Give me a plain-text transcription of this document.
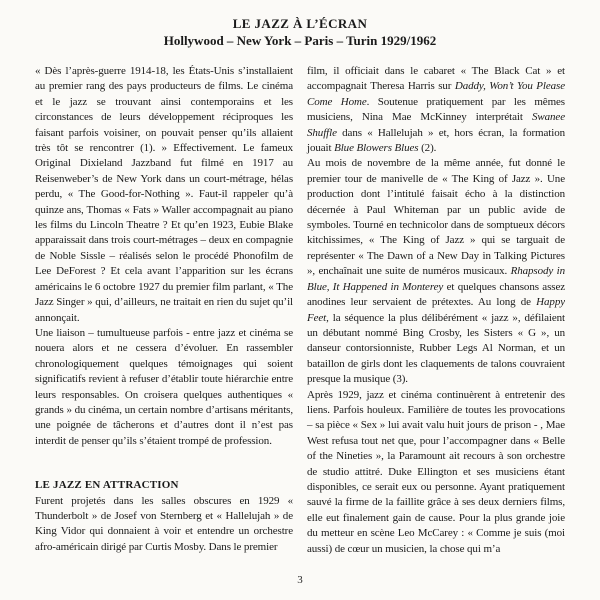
LE JAZZ À L’ÉCRAN
Hollywood – New York – Paris – Turin 1929/1962

« Dès l’après-guerre 1914-18, les États-Unis s’installaient au premier rang des pays producteurs de films. Le cinéma et le jazz se trouvant ainsi contemporains et les circonstances de leurs développement réciproques les faisant parfois voisiner, on pouvait penser qu’ils allaient très tôt se rencontrer (1). » Effectivement. Le fameux Original Dixieland Jazzband fut filmé en 1917 au Reisenweber’s de New York dans un court-métrage, hélas perdu, « The Good-for-Nothing ». Faut-il rappeler qu’à quinze ans, Thomas « Fats » Waller accompagnait au piano les films du Lincoln Theatre ? Et qu’en 1923, Eubie Blake apparaissait dans trois court-métrages – deux en compagnie de Noble Sissle – réalisés selon le procédé Phonofilm de Lee DeForest ? Et cela avant l’apparition sur les écrans américains le 6 octobre 1927 du premier film parlant, « The Jazz Singer » qui, d’ailleurs, ne traitait en rien du sujet qu’il annonçait.

Une liaison – tumultueuse parfois - entre jazz et cinéma se nouera alors et ne cessera d’évoluer. En rassembler chronologiquement quelques témoignages qui soient significatifs revient à refuser d’établir toute hiérarchie entre leurs responsables. On croisera quelques authentiques « grands » du cinéma, un certain nombre d’artisans méritants, une poignée de tâcherons et d’autres dont il n’est pas interdit de penser qu’ils s’étaient trompé de profession.

LE JAZZ EN ATTRACTION

Furent projetés dans les salles obscures en 1929 « Thunderbolt » de Josef von Sternberg et « Hallelujah » de King Vidor qui donnaient à voir et entendre un orchestre afro-américain dirigé par Curtis Mosby. Dans le premier

film, il officiait dans le cabaret « The Black Cat » et accompagnait Theresa Harris sur Daddy, Won’t You Please Come Home. Soutenue pratiquement par les mêmes musiciens, Nina Mae McKinney interprétait Swanee Shuffle dans « Hallelujah » et, hors écran, la formation jouait Blue Blowers Blues (2).

Au mois de novembre de la même année, fut donné le premier tour de manivelle de « The King of Jazz ». Une production dont l’intitulé faisait écho à la distinction décernée à Paul Whiteman par un public avide de symboles. Tourné en technicolor dans de somptueux décors kitchissimes, « The King of Jazz » qui se targuait de représenter « The Dawn of a New Day in Talking Pictures », enchaînait une suite de numéros musicaux. Rhapsody in Blue, It Happened in Monterey et quelques chansons assez anodines leur servaient de prétextes. Au long de Happy Feet, la séquence la plus délibérément « jazz », défilaient un débutant nommé Bing Crosby, les Sisters « G », un danseur contorsionniste, Rubber Legs Al Norman, et un bataillon de girls dont les claquements de talons couvraient presque la musique (3).

Après 1929, jazz et cinéma continuèrent à entretenir des liens. Parfois houleux. Familière de toutes les provocations – sa pièce « Sex » lui avait valu huit jours de prison - , Mae West refusa tout net que, pour l’accompagner dans « Belle of the Nineties », la Paramount ait recours à son orchestre de studio attitré. Duke Ellington et ses musiciens étant disponibles, ce serait eux ou personne. Ayant pratiquement sauvé la firme de la faillite grâce à ses deux derniers films, elle eut finalement gain de cause. Pour la plus grande joie du metteur en scène Leo McCarey : « Comme je suis (moi aussi) de cœur un musicien, la chose qui m’a

3
